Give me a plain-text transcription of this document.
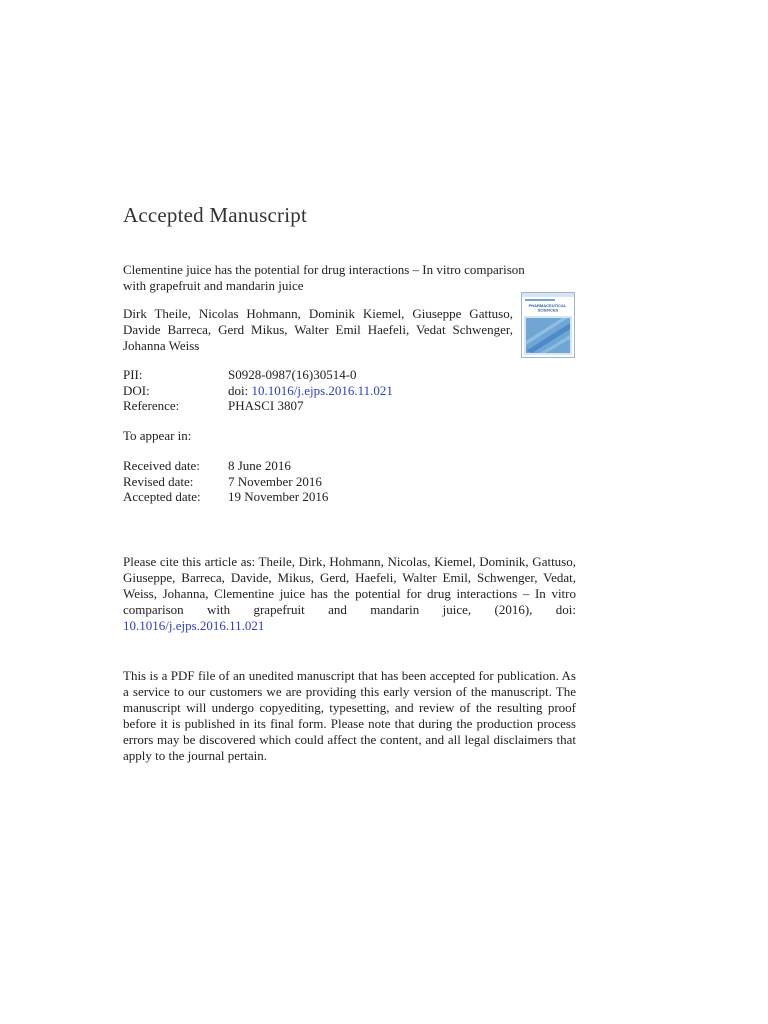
Accepted Manuscript
Clementine juice has the potential for drug interactions – In vitro comparison
with grapefruit and mandarin juice
Dirk Theile, Nicolas Hohmann, Dominik Kiemel, Giuseppe Gattuso, Davide Barreca, Gerd Mikus, Walter Emil Haefeli, Vedat Schwenger, Johanna Weiss
PHARMACEUTICAL SCIENCES
PII:	S0928-0987(16)30514-0
DOI:	doi: 10.1016/j.ejps.2016.11.021
Reference:	PHASCI 3807
To appear in:
Received date: 8 June 2016
Revised date:	7 November 2016
Accepted date: 19 November 2016
Please cite this article as: Theile, Dirk, Hohmann, Nicolas, Kiemel, Dominik, Gattuso, Giuseppe, Barreca, Davide, Mikus, Gerd, Haefeli, Walter Emil, Schwenger, Vedat, Weiss, Johanna, Clementine juice has the potential for drug interactions – In vitro comparison with grapefruit and mandarin juice, (2016), doi: 10.1016/j.ejps.2016.11.021
This is a PDF file of an unedited manuscript that has been accepted for publication. As a service to our customers we are providing this early version of the manuscript. The manuscript will undergo copyediting, typesetting, and review of the resulting proof before it is published in its final form. Please note that during the production process errors may be discovered which could affect the content, and all legal disclaimers that apply to the journal pertain.
